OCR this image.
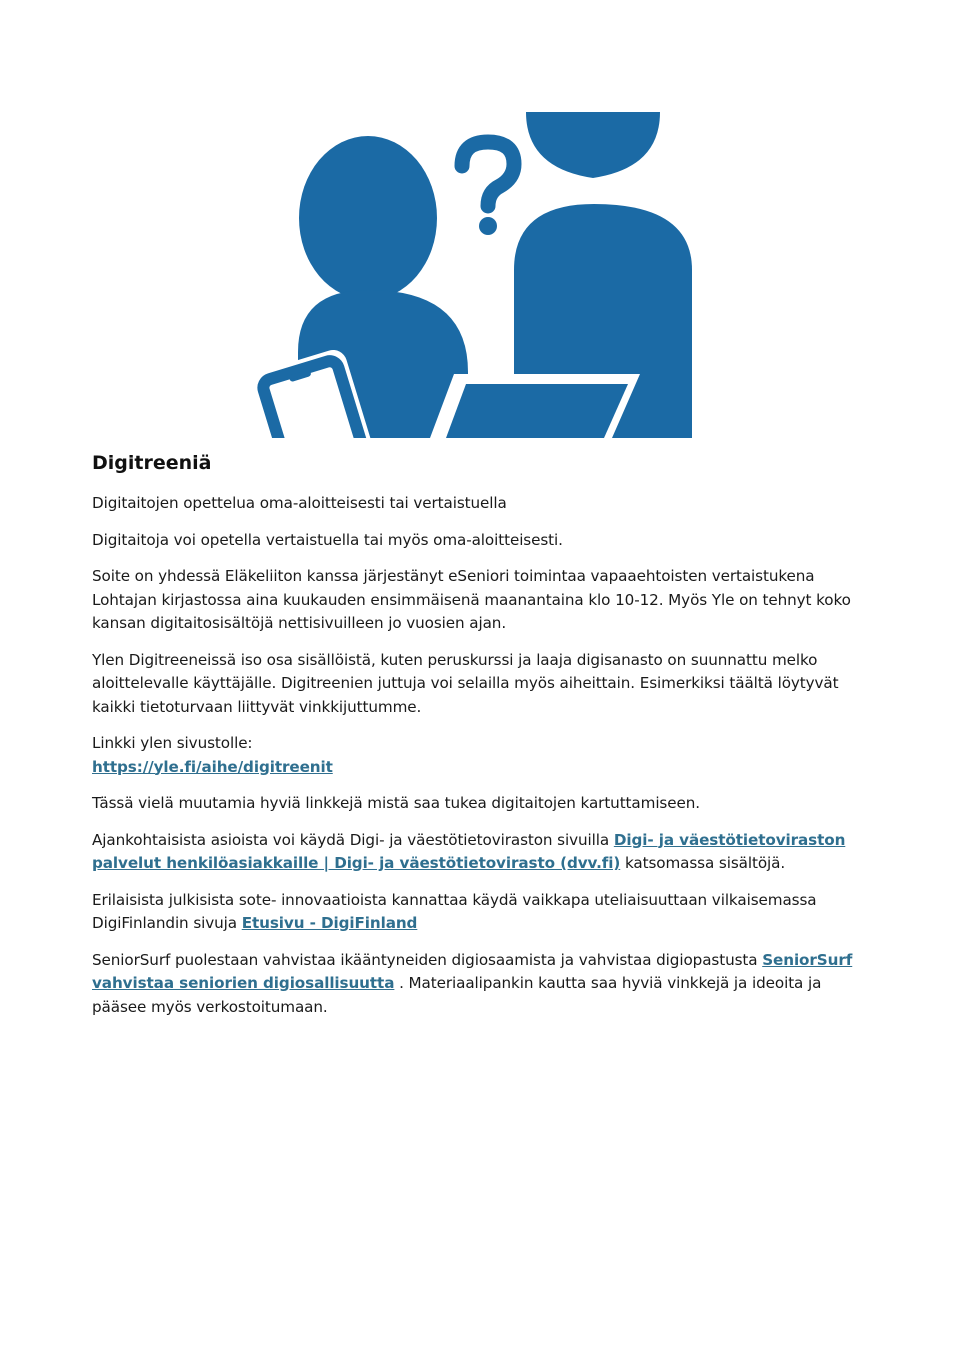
Digitreeniä

Digitaitojen opettelua oma-aloitteisesti tai vertaistuella

Digitaitoja voi opetella vertaistuella tai myös oma-aloitteisesti.

Soite on yhdessä Eläkeliiton kanssa järjestänyt eSeniori toimintaa vapaaehtoisten vertaistukena Lohtajan kirjastossa aina kuukauden ensimmäisenä maanantaina klo 10-12. Myös Yle on tehnyt koko kansan digitaitosisältöjä nettisivuilleen jo vuosien ajan.

Ylen Digitreeneissä iso osa sisällöistä, kuten peruskurssi ja laaja digisanasto on suunnattu melko aloittelevalle käyttäjälle. Digitreenien juttuja voi selailla myös aiheittain. Esimerkiksi täältä löytyvät kaikki tietoturvaan liittyvät vinkkijuttumme.

Linkki ylen sivustolle:
https://yle.fi/aihe/digitreenit

Tässä vielä muutamia hyviä linkkejä mistä saa tukea digitaitojen kartuttamiseen.

Ajankohtaisista asioista voi käydä Digi- ja väestötietoviraston sivuilla Digi- ja väestötietoviraston palvelut henkilöasiakkaille | Digi- ja väestötietovirasto (dvv.fi) katsomassa sisältöjä.

Erilaisista julkisista sote- innovaatioista kannattaa käydä vaikkapa uteliaisuuttaan vilkaisemassa DigiFinlandin sivuja Etusivu - DigiFinland

SeniorSurf puolestaan vahvistaa ikääntyneiden digiosaamista ja vahvistaa digiopastusta SeniorSurf vahvistaa seniorien digiosallisuutta . Materiaalipankin kautta saa hyviä vinkkejä ja ideoita ja pääsee myös verkostoitumaan.
